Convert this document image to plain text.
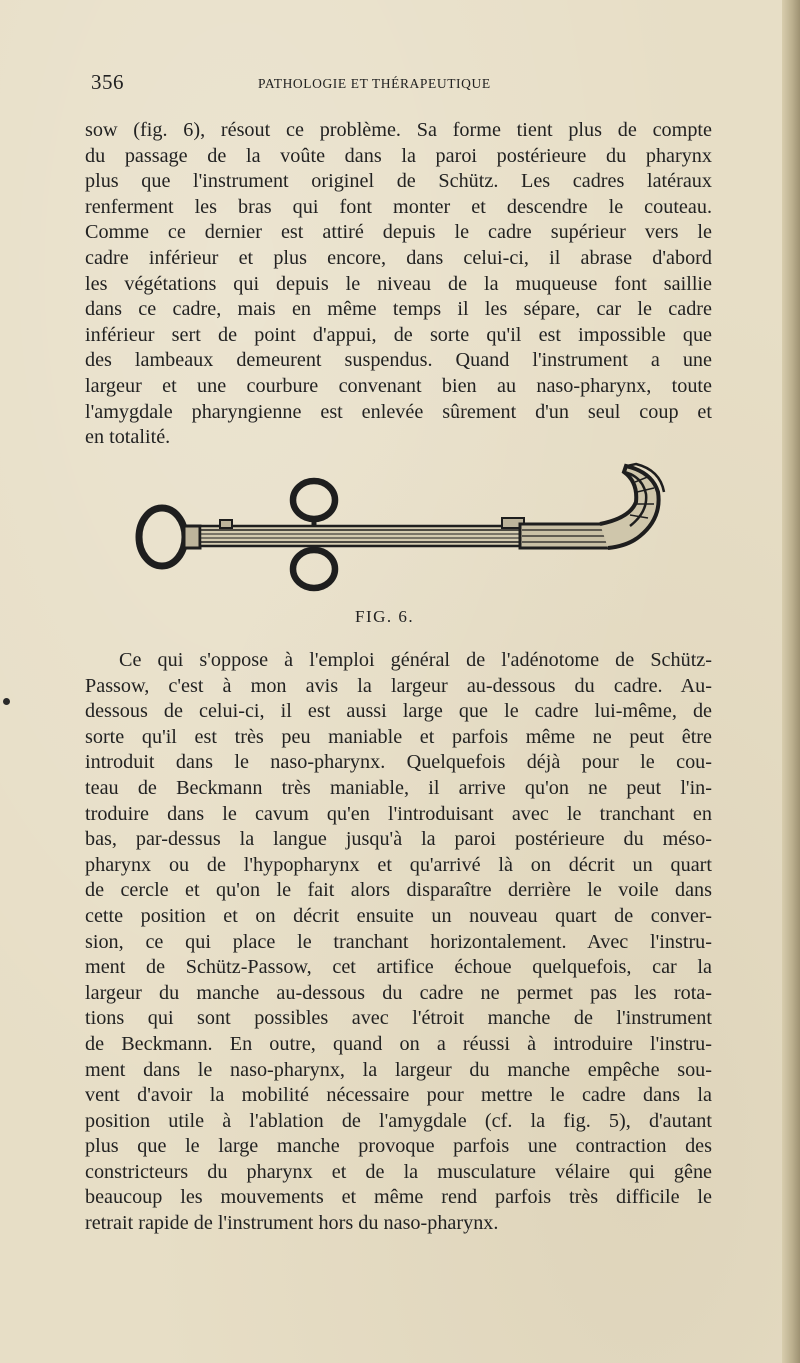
356	PATHOLOGIE ET THÉRAPEUTIQUE
sow (fig. 6), résout ce problème. Sa forme tient plus de compte
du passage de la voûte dans la paroi postérieure du pharynx
plus que l'instrument originel de Schütz. Les cadres latéraux
renferment les bras qui font monter et descendre le couteau.
Comme ce dernier est attiré depuis le cadre supérieur vers le
cadre inférieur et plus encore, dans celui-ci, il abrase d'abord
les végétations qui depuis le niveau de la muqueuse font saillie
dans ce cadre, mais en même temps il les sépare, car le cadre
inférieur sert de point d'appui, de sorte qu'il est impossible que
des lambeaux demeurent suspendus. Quand l'instrument a une
largeur et une courbure convenant bien au naso-pharynx, toute
l'amygdale pharyngienne est enlevée sûrement d'un seul coup et
en totalité.
FIG. 6.
Ce qui s'oppose à l'emploi général de l'adénotome de Schütz-
Passow, c'est à mon avis la largeur au-dessous du cadre. Au-
dessous de celui-ci, il est aussi large que le cadre lui-même, de
sorte qu'il est très peu maniable et parfois même ne peut être
introduit dans le naso-pharynx. Quelquefois déjà pour le cou-
teau de Beckmann très maniable, il arrive qu'on ne peut l'in-
troduire dans le cavum qu'en l'introduisant avec le tranchant en
bas, par-dessus la langue jusqu'à la paroi postérieure du méso-
pharynx ou de l'hypopharynx et qu'arrivé là on décrit un quart
de cercle et qu'on le fait alors disparaître derrière le voile dans
cette position et on décrit ensuite un nouveau quart de conver-
sion, ce qui place le tranchant horizontalement. Avec l'instru-
ment de Schütz-Passow, cet artifice échoue quelquefois, car la
largeur du manche au-dessous du cadre ne permet pas les rota-
tions qui sont possibles avec l'étroit manche de l'instrument
de Beckmann. En outre, quand on a réussi à introduire l'instru-
ment dans le naso-pharynx, la largeur du manche empêche sou-
vent d'avoir la mobilité nécessaire pour mettre le cadre dans la
position utile à l'ablation de l'amygdale (cf. la fig. 5), d'autant
plus que le large manche provoque parfois une contraction des
constricteurs du pharynx et de la musculature vélaire qui gêne
beaucoup les mouvements et même rend parfois très difficile le
retrait rapide de l'instrument hors du naso-pharynx.
